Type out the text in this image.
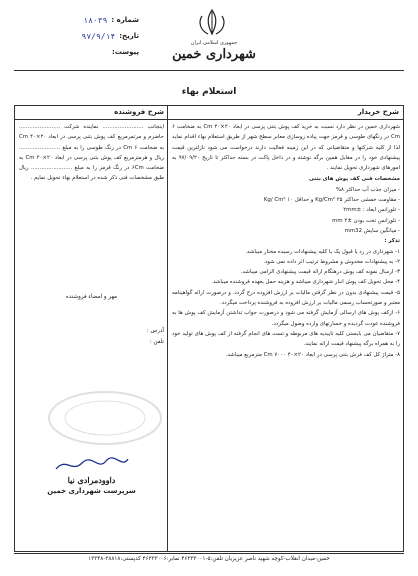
شماره :
۱۸۰۳۹
تاریخ:
۹۷/۹/۱۴
پیوست:
جمهوری اسلامی ایران
شهرداری خمین
استعلام بهاء
شرح خریدار
شرح فروشنده
شهرداری خمین در نظر دارد نسبت به خرید کف پوش بتنی پرسی در ابعاد ۲۰×۴۰ Cm به ضخامت ۶ Cm در رنگهای طوسی و قرمز جهت پیاده روسازی معابر سطح شهر از طریق استعلام بهاء اقدام نماید لذا از کلیه شرکتها و متقاضیانی که در این زمینه فعالیت دارند درخواست می شود نازلترین قیمت پیشنهادی خود را در مقابل همین برگه نوشته و در داخل پاکت در بسته حداکثر تا تاریخ ۹۷/۰۹/۲۰ به امورهای شهرداری تحویل نمایند .
مشخصات فنی کف پوش های بتنی
- میزان جذب آب حداکثر ۸%
- مقاومت خمشی حداکثر Kg/Cm² ۲۵ و حداقل Kg/ Cm² ۱۰
- تلورانس ابعاد : ±۲mm
- تلورانس تخت بودن ±۲ mm
- میانگین سایش mm32
تذکر :
۱- شهرداری در رد یا قبول یک یا کلیه پیشنهادات رسیده مختار میباشد.
۲- به پیشنهادات مخدوش و مشروط ترتیب اثر داده نمی شود.
۳- ارسال نمونه کف پوش درهنگام ارائه قیمت پیشنهادی الزامی میباشد.
۴- محل تحویل کف پوش انبار شهرداری میباشد و هزینه حمل بعهده فروشنده میباشد.
۵- قیمت پیشنهادی بدون در نظر گرفتن مالیات بر ارزش افزوده درج گردد. و درصورت ارائه گواهینامه معتبر و صورتحساب رسمی مالیات بر ارزش افزوده به فروشنده پرداخت میگردد.
۶- ازکف پوش های ارسالی آزمایش گرفته می شود و درصورت جواب تداشتن آزمایش کف پوش ها به فروشنده عودت گردیده و خسارتهای وارده وصول میگردد.
۷- متقاضیان می بایستی کلیه تاییدیه های مربوطه و تست های انجام گرفته از کف پوش های تولید خود را به همراه برگه پیشنهاد قیمت ارائه نمایند.
۸- متراژ کل کف فرش بتنی پرسی در ابعاد ۲۰×۴۰ Cm ۷۰۰۰ مترمربع میباشد.
اینجانب ........................ نماینده شرکت ........................ حاضرم و مرتمرمربع کف پوش بتنی پرسی در ابعاد ۲۰×۴۰ Cm به ضخامت ۶ Cm در رنگ طوسی را به مبلغ ........................ ریال و هرمترمربع کف پوش بتنی پرسی در ابعاد ۲۰×۴۰ Cm به ضخامت ۶Cm در رنگ قرمز را به مبلغ ........................ ریال طبق مشخصات فنی ذکر شده در استعلام بهاء تحویل نمایم .
مهر و امضاء فروشنده
آدرس :
تلفن :
داوودمرادی نیا
سرپرست شهرداری خمین
خمین-میدان انقلاب-کوچه شهید ناصر عزیزیان تلفن:۵-۴۶۳۳۳۰۰۱ نمابر:۴۶۳۳۳۰۰۶ کدپستی:۳۸۸۱۸-۱۳۳۴۸
